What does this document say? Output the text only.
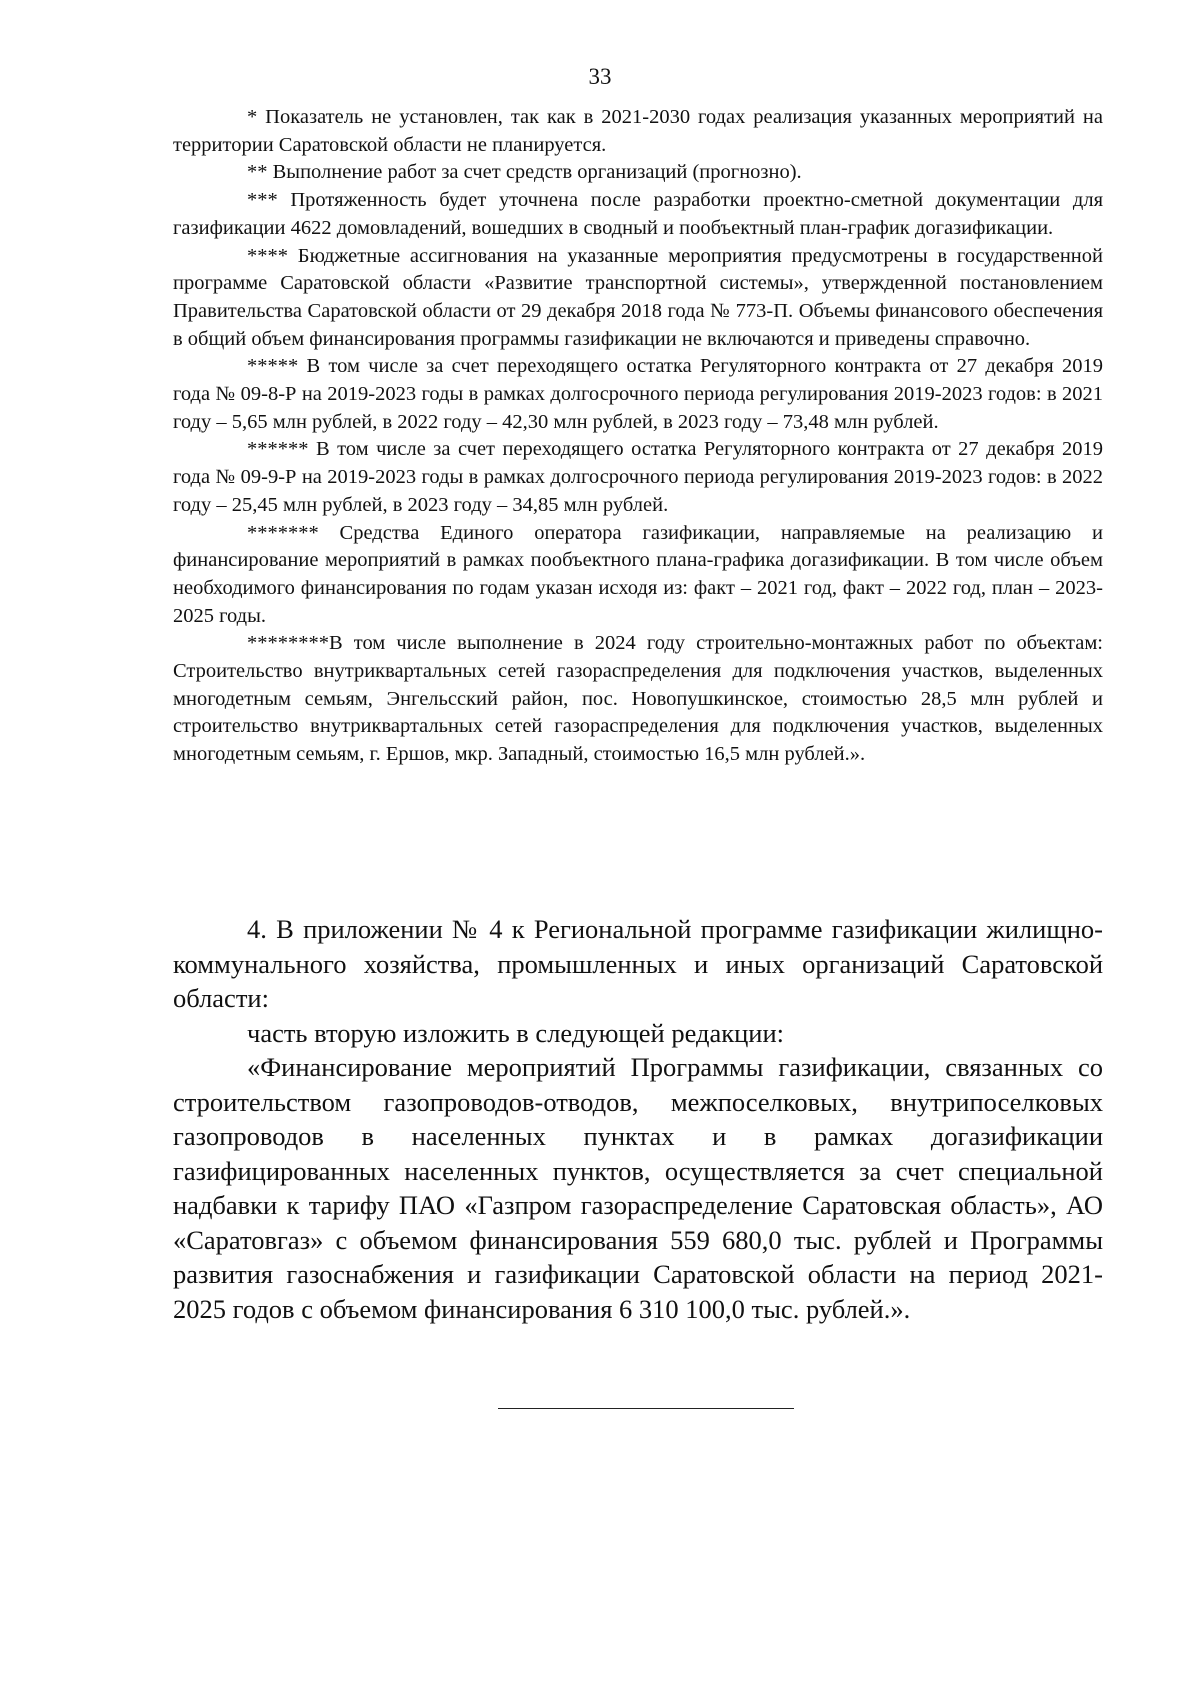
33

* Показатель не установлен, так как в 2021-2030 годах реализация указанных мероприятий на территории Саратовской области не планируется.

** Выполнение работ за счет средств организаций (прогнозно).

*** Протяженность будет уточнена после разработки проектно-сметной документации для газификации 4622 домовладений, вошедших в сводный и пообъектный план-график догазификации.

**** Бюджетные ассигнования на указанные мероприятия предусмотрены в государственной программе Саратовской области «Развитие транспортной системы», утвержденной постановлением Правительства Саратовской области от 29 декабря 2018 года № 773-П. Объемы финансового обеспечения в общий объем финансирования программы газификации не включаются и приведены справочно.

***** В том числе за счет переходящего остатка Регуляторного контракта от 27 декабря 2019 года № 09-8-Р на 2019-2023 годы в рамках долгосрочного периода регулирования 2019-2023 годов: в 2021 году – 5,65 млн рублей, в 2022 году – 42,30 млн рублей, в 2023 году – 73,48 млн рублей.

****** В том числе за счет переходящего остатка Регуляторного контракта от 27 декабря 2019 года № 09-9-Р на 2019-2023 годы в рамках долгосрочного периода регулирования 2019-2023 годов: в 2022 году – 25,45 млн рублей, в 2023 году – 34,85 млн рублей.

******* Средства Единого оператора газификации, направляемые на реализацию и финансирование мероприятий в рамках пообъектного плана-графика догазификации. В том числе объем необходимого финансирования по годам указан исходя из: факт – 2021 год, факт – 2022 год, план – 2023-2025 годы.

********В том числе выполнение в 2024 году строительно-монтажных работ по объектам: Строительство внутриквартальных сетей газораспределения для подключения участков, выделенных многодетным семьям, Энгельсский район, пос. Новопушкинское, стоимостью 28,5 млн рублей и строительство внутриквартальных сетей газораспределения для подключения участков, выделенных многодетным семьям, г. Ершов, мкр. Западный, стоимостью 16,5 млн рублей.».

4. В приложении № 4 к Региональной программе газификации жилищно-коммунального хозяйства, промышленных и иных организаций Саратовской области:

часть вторую изложить в следующей редакции:

«Финансирование мероприятий Программы газификации, связанных со строительством газопроводов-отводов, межпоселковых, внутрипоселковых газопроводов в населенных пунктах и в рамках догазификации газифицированных населенных пунктов, осуществляется за счет специальной надбавки к тарифу ПАО «Газпром газораспределение Саратовская область», АО «Саратовгаз» с объемом финансирования 559 680,0 тыс. рублей и Программы развития газоснабжения и газификации Саратовской области на период 2021-2025 годов с объемом финансирования 6 310 100,0 тыс. рублей.».
